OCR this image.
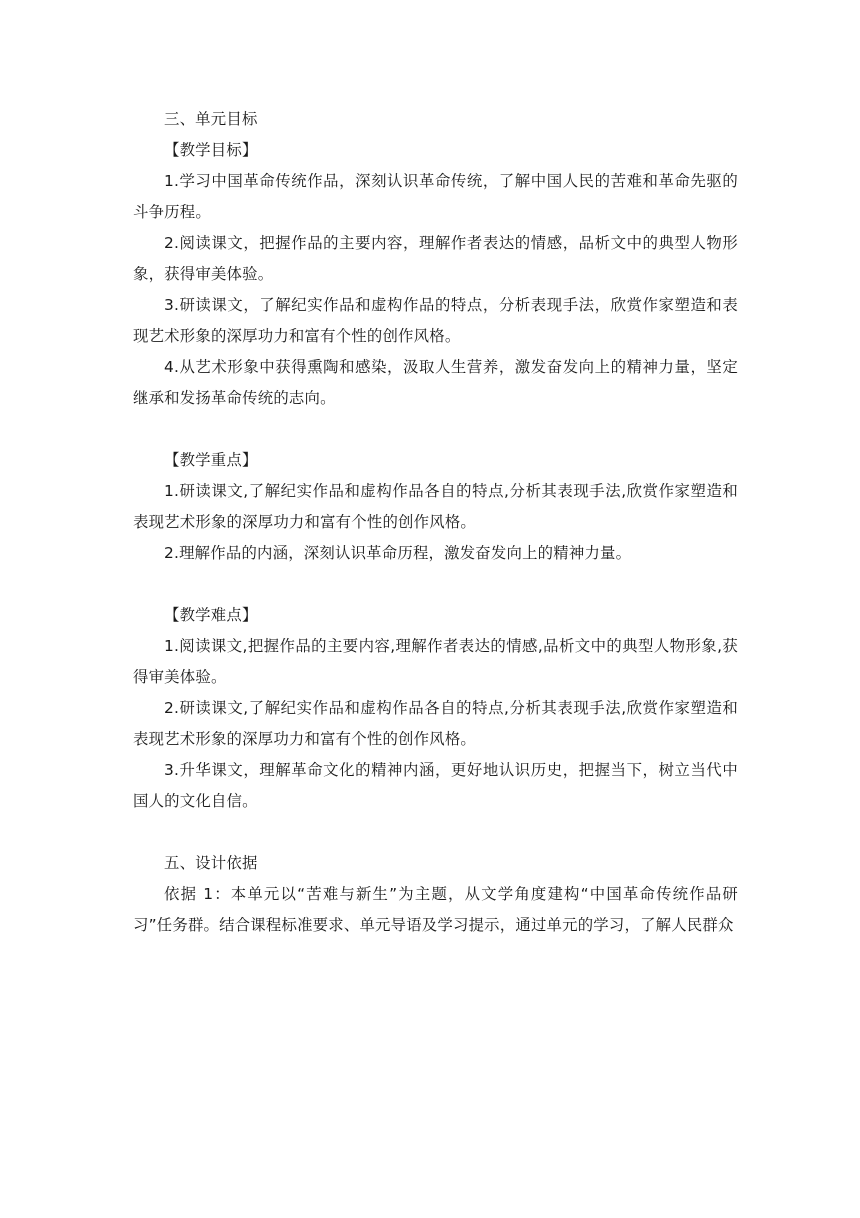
三、单元目标

【教学目标】

1.学习中国革命传统作品，深刻认识革命传统，了解中国人民的苦难和革命先驱的斗争历程。

2.阅读课文，把握作品的主要内容，理解作者表达的情感，品析文中的典型人物形象，获得审美体验。

3.研读课文，了解纪实作品和虚构作品的特点，分析表现手法，欣赏作家塑造和表现艺术形象的深厚功力和富有个性的创作风格。

4.从艺术形象中获得熏陶和感染，汲取人生营养，激发奋发向上的精神力量，坚定继承和发扬革命传统的志向。

【教学重点】

1.研读课文,了解纪实作品和虚构作品各自的特点,分析其表现手法,欣赏作家塑造和表现艺术形象的深厚功力和富有个性的创作风格。

2.理解作品的内涵，深刻认识革命历程，激发奋发向上的精神力量。

【教学难点】

1.阅读课文,把握作品的主要内容,理解作者表达的情感,品析文中的典型人物形象,获得审美体验。

2.研读课文,了解纪实作品和虚构作品各自的特点,分析其表现手法,欣赏作家塑造和表现艺术形象的深厚功力和富有个性的创作风格。

3.升华课文，理解革命文化的精神内涵，更好地认识历史，把握当下，树立当代中国人的文化自信。

五、设计依据

依据 1：本单元以“苦难与新生”为主题，从文学角度建构“中国革命传统作品研习”任务群。结合课程标准要求、单元导语及学习提示，通过单元的学习，了解人民群众
